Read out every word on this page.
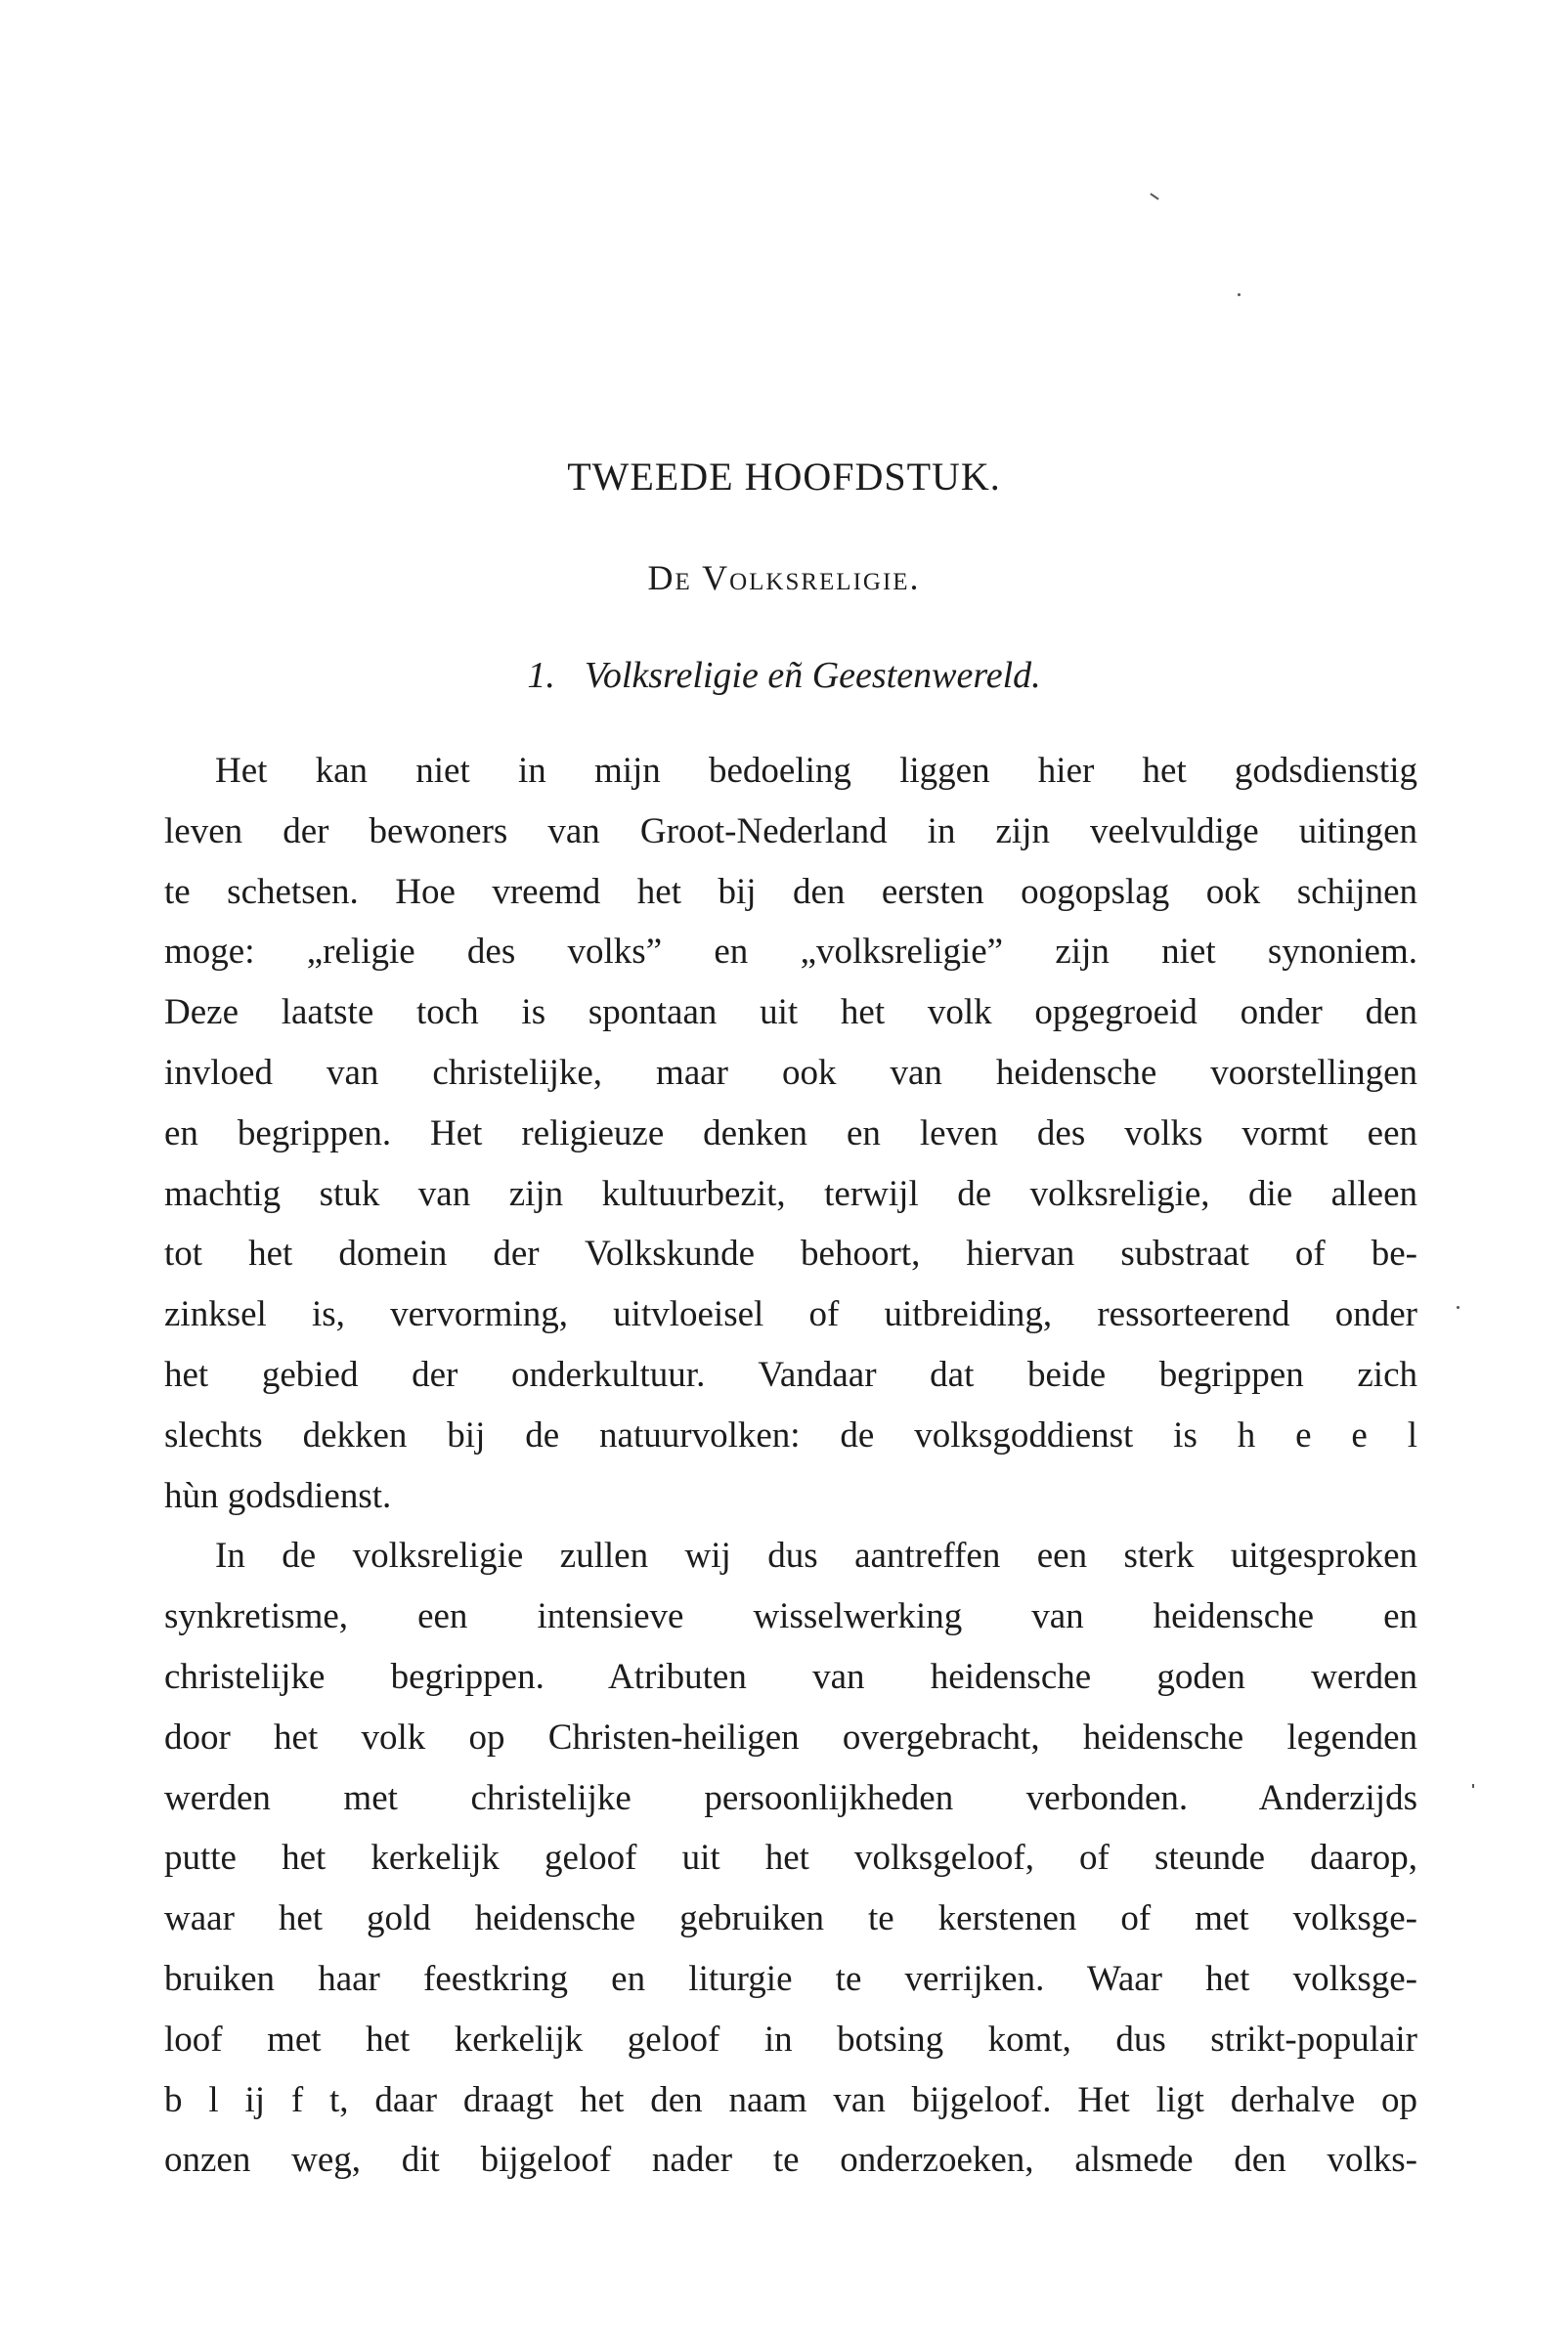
TWEEDE HOOFDSTUK.
De Volksreligie.
1. Volksreligie eñ Geestenwereld.
Het kan niet in mijn bedoeling liggen hier het godsdienstig
leven der bewoners van Groot-Nederland in zijn veelvuldige uitingen
te schetsen. Hoe vreemd het bij den eersten oogopslag ook schijnen
moge: „religie des volks” en „volksreligie” zijn niet synoniem.
Deze laatste toch is spontaan uit het volk opgegroeid onder den
invloed van christelijke, maar ook van heidensche voorstellingen
en begrippen. Het religieuze denken en leven des volks vormt een
machtig stuk van zijn kultuurbezit, terwijl de volksreligie, die alleen
tot het domein der Volkskunde behoort, hiervan substraat of be-
zinksel is, vervorming, uitvloeisel of uitbreiding, ressorteerend onder
het gebied der onderkultuur. Vandaar dat beide begrippen zich
slechts dekken bij de natuurvolken: de volksgoddienst is h e e l
hùn godsdienst.
In de volksreligie zullen wij dus aantreffen een sterk uitgesproken
synkretisme, een intensieve wisselwerking van heidensche en
christelijke begrippen. Atributen van heidensche goden werden
door het volk op Christen-heiligen overgebracht, heidensche legenden
werden met christelijke persoonlijkheden verbonden. Anderzijds
putte het kerkelijk geloof uit het volksgeloof, of steunde daarop,
waar het gold heidensche gebruiken te kerstenen of met volksge-
bruiken haar feestkring en liturgie te verrijken. Waar het volksge-
loof met het kerkelijk geloof in botsing komt, dus strikt-populair
b l ij f t, daar draagt het den naam van bijgeloof. Het ligt derhalve op
onzen weg, dit bijgeloof nader te onderzoeken, alsmede den volks-
